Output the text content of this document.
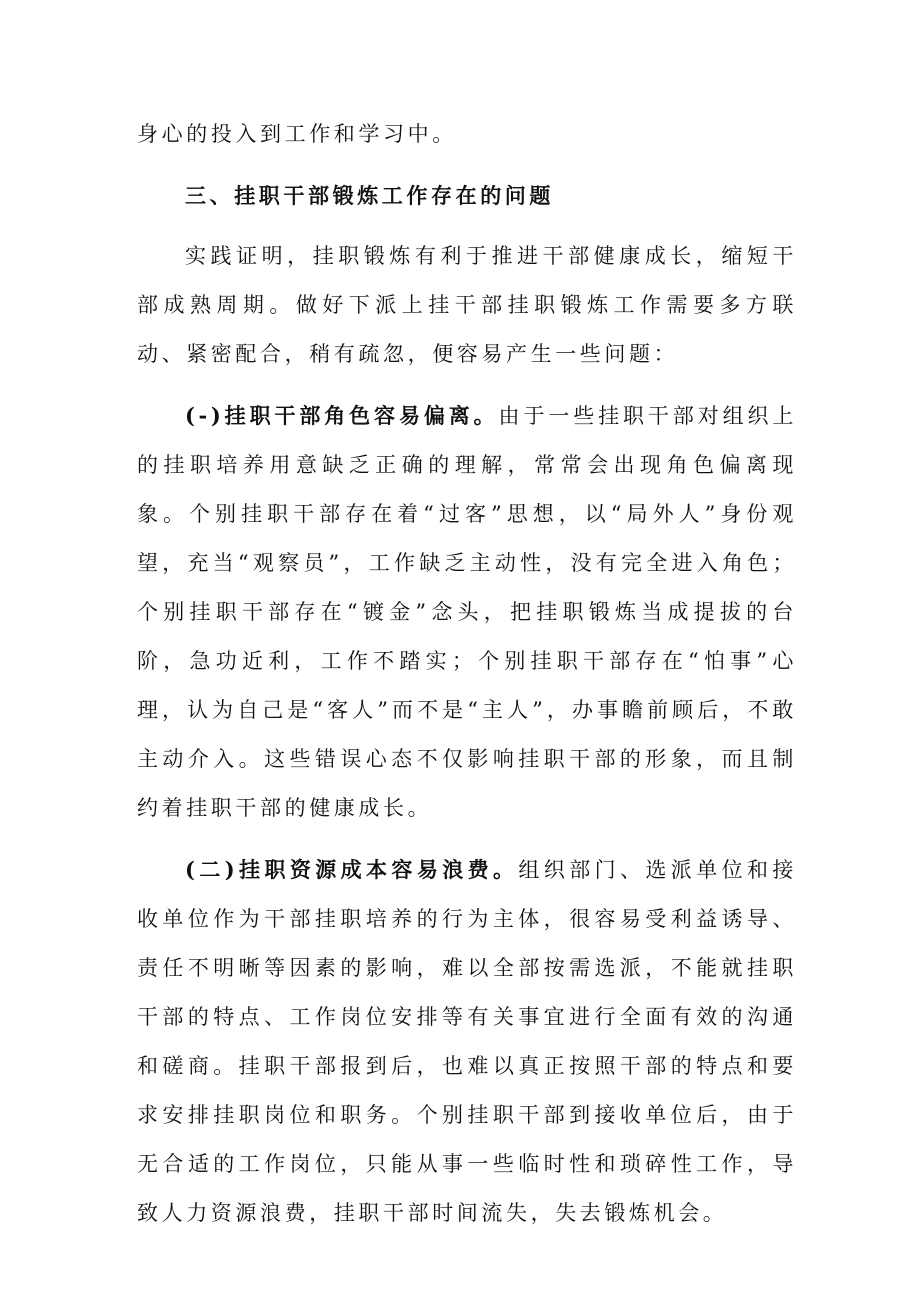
身心的投入到工作和学习中。

三、挂职干部锻炼工作存在的问题

实践证明，挂职锻炼有利于推进干部健康成长，缩短干部成熟周期。做好下派上挂干部挂职锻炼工作需要多方联动、紧密配合，稍有疏忽，便容易产生一些问题：

(-)挂职干部角色容易偏离。由于一些挂职干部对组织上的挂职培养用意缺乏正确的理解，常常会出现角色偏离现象。个别挂职干部存在着“过客”思想，以“局外人”身份观望，充当“观察员”，工作缺乏主动性，没有完全进入角色；个别挂职干部存在“镀金”念头，把挂职锻炼当成提拔的台阶，急功近利，工作不踏实；个别挂职干部存在“怕事”心理，认为自己是“客人”而不是“主人”，办事瞻前顾后，不敢主动介入。这些错误心态不仅影响挂职干部的形象，而且制约着挂职干部的健康成长。

(二)挂职资源成本容易浪费。组织部门、选派单位和接收单位作为干部挂职培养的行为主体，很容易受利益诱导、责任不明晰等因素的影响，难以全部按需选派，不能就挂职干部的特点、工作岗位安排等有关事宜进行全面有效的沟通和磋商。挂职干部报到后，也难以真正按照干部的特点和要求安排挂职岗位和职务。个别挂职干部到接收单位后，由于无合适的工作岗位，只能从事一些临时性和琐碎性工作，导致人力资源浪费，挂职干部时间流失，失去锻炼机会。
